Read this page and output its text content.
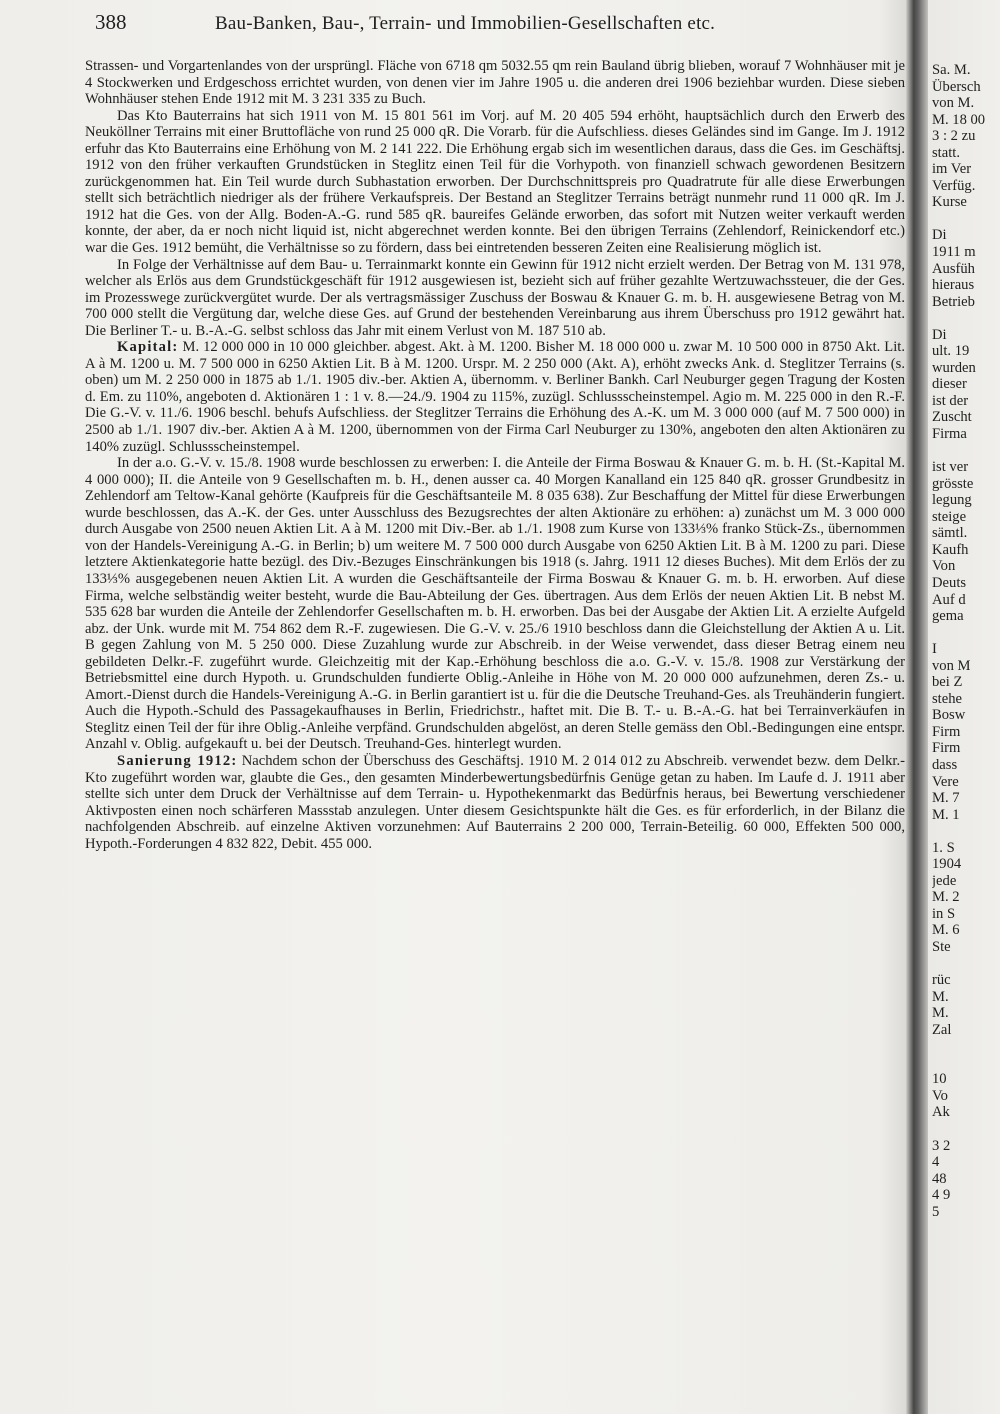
388	Bau-Banken, Bau-, Terrain- und Immobilien-Gesellschaften etc.

Strassen- und Vorgartenlandes von der ursprüngl. Fläche von 6718 qm 5032.55 qm rein Bauland übrig blieben, worauf 7 Wohnhäuser mit je 4 Stockwerken und Erdgeschoss errichtet wurden, von denen vier im Jahre 1905 u. die anderen drei 1906 beziehbar wurden. Diese sieben Wohnhäuser stehen Ende 1912 mit M. 3 231 335 zu Buch.

Das Kto Bauterrains hat sich 1911 von M. 15 801 561 im Vorj. auf M. 20 405 594 erhöht, hauptsächlich durch den Erwerb des Neuköllner Terrains mit einer Bruttofläche von rund 25 000 qR. Die Vorarb. für die Aufschliess. dieses Geländes sind im Gange. Im J. 1912 erfuhr das Kto Bauterrains eine Erhöhung von M. 2 141 222. Die Erhöhung ergab sich im wesentlichen daraus, dass die Ges. im Geschäftsj. 1912 von den früher verkauften Grundstücken in Steglitz einen Teil für die Vorhypoth. von finanziell schwach gewordenen Besitzern zurückgenommen hat. Ein Teil wurde durch Subhastation erworben. Der Durchschnittspreis pro Quadratrute für alle diese Erwerbungen stellt sich beträchtlich niedriger als der frühere Verkaufspreis. Der Bestand an Steglitzer Terrains beträgt nunmehr rund 11 000 qR. Im J. 1912 hat die Ges. von der Allg. Boden-A.-G. rund 585 qR. baureifes Gelände erworben, das sofort mit Nutzen weiter verkauft werden konnte, der aber, da er noch nicht liquid ist, nicht abgerechnet werden konnte. Bei den übrigen Terrains (Zehlendorf, Reinickendorf etc.) war die Ges. 1912 bemüht, die Verhältnisse so zu fördern, dass bei eintretenden besseren Zeiten eine Realisierung möglich ist.

In Folge der Verhältnisse auf dem Bau- u. Terrainmarkt konnte ein Gewinn für 1912 nicht erzielt werden. Der Betrag von M. 131 978, welcher als Erlös aus dem Grundstückgeschäft für 1912 ausgewiesen ist, bezieht sich auf früher gezahlte Wertzuwachssteuer, die der Ges. im Prozesswege zurückvergütet wurde. Der als vertragsmässiger Zuschuss der Boswau & Knauer G. m. b. H. ausgewiesene Betrag von M. 700 000 stellt die Vergütung dar, welche diese Ges. auf Grund der bestehenden Vereinbarung aus ihrem Überschuss pro 1912 gewährt hat. Die Berliner T.- u. B.-A.-G. selbst schloss das Jahr mit einem Verlust von M. 187 510 ab.

Kapital: M. 12 000 000 in 10 000 gleichber. abgest. Akt. à M. 1200. Bisher M. 18 000 000 u. zwar M. 10 500 000 in 8750 Akt. Lit. A à M. 1200 u. M. 7 500 000 in 6250 Aktien Lit. B à M. 1200. Urspr. M. 2 250 000 (Akt. A), erhöht zwecks Ank. d. Steglitzer Terrains (s. oben) um M. 2 250 000 in 1875 ab 1./1. 1905 div.-ber. Aktien A, übernomm. v. Berliner Bankh. Carl Neuburger gegen Tragung der Kosten d. Em. zu 110%, angeboten d. Aktionären 1 : 1 v. 8.—24./9. 1904 zu 115%, zuzügl. Schlussscheinstempel. Agio m. M. 225 000 in den R.-F. Die G.-V. v. 11./6. 1906 beschl. behufs Aufschliess. der Steglitzer Terrains die Erhöhung des A.-K. um M. 3 000 000 (auf M. 7 500 000) in 2500 ab 1./1. 1907 div.-ber. Aktien A à M. 1200, übernommen von der Firma Carl Neuburger zu 130%, angeboten den alten Aktionären zu 140% zuzügl. Schlussscheinstempel.

In der a.o. G.-V. v. 15./8. 1908 wurde beschlossen zu erwerben: I. die Anteile der Firma Boswau & Knauer G. m. b. H. (St.-Kapital M. 4 000 000); II. die Anteile von 9 Gesellschaften m. b. H., denen ausser ca. 40 Morgen Kanalland ein 125 840 qR. grosser Grundbesitz in Zehlendorf am Teltow-Kanal gehörte (Kaufpreis für die Geschäftsanteile M. 8 035 638). Zur Beschaffung der Mittel für diese Erwerbungen wurde beschlossen, das A.-K. der Ges. unter Ausschluss des Bezugsrechtes der alten Aktionäre zu erhöhen: a) zunächst um M. 3 000 000 durch Ausgabe von 2500 neuen Aktien Lit. A à M. 1200 mit Div.-Ber. ab 1./1. 1908 zum Kurse von 133⅓% franko Stück-Zs., übernommen von der Handels-Vereinigung A.-G. in Berlin; b) um weitere M. 7 500 000 durch Ausgabe von 6250 Aktien Lit. B à M. 1200 zu pari. Diese letztere Aktienkategorie hatte bezügl. des Div.-Bezuges Einschränkungen bis 1918 (s. Jahrg. 1911 12 dieses Buches). Mit dem Erlös der zu 133⅓% ausgegebenen neuen Aktien Lit. A wurden die Geschäftsanteile der Firma Boswau & Knauer G. m. b. H. erworben. Auf diese Firma, welche selbständig weiter besteht, wurde die Bau-Abteilung der Ges. übertragen. Aus dem Erlös der neuen Aktien Lit. B nebst M. 535 628 bar wurden die Anteile der Zehlendorfer Gesellschaften m. b. H. erworben. Das bei der Ausgabe der Aktien Lit. A erzielte Aufgeld abz. der Unk. wurde mit M. 754 862 dem R.-F. zugewiesen. Die G.-V. v. 25./6 1910 beschloss dann die Gleichstellung der Aktien A u. Lit. B gegen Zahlung von M. 5 250 000. Diese Zuzahlung wurde zur Abschreib. in der Weise verwendet, dass dieser Betrag einem neu gebildeten Delkr.-F. zugeführt wurde. Gleichzeitig mit der Kap.-Erhöhung beschloss die a.o. G.-V. v. 15./8. 1908 zur Verstärkung der Betriebsmittel eine durch Hypoth. u. Grundschulden fundierte Oblig.-Anleihe in Höhe von M. 20 000 000 aufzunehmen, deren Zs.- u. Amort.-Dienst durch die Handels-Vereinigung A.-G. in Berlin garantiert ist u. für die die Deutsche Treuhand-Ges. als Treuhänderin fungiert. Auch die Hypoth.-Schuld des Passagekaufhauses in Berlin, Friedrichstr., haftet mit. Die B. T.- u. B.-A.-G. hat bei Terrainverkäufen in Steglitz einen Teil der für ihre Oblig.-Anleihe verpfänd. Grundschulden abgelöst, an deren Stelle gemäss den Obl.-Bedingungen eine entspr. Anzahl v. Oblig. aufgekauft u. bei der Deutsch. Treuhand-Ges. hinterlegt wurden.

Sanierung 1912: Nachdem schon der Überschuss des Geschäftsj. 1910 M. 2 014 012 zu Abschreib. verwendet bezw. dem Delkr.-Kto zugeführt worden war, glaubte die Ges., den gesamten Minderbewertungsbedürfnis Genüge getan zu haben. Im Laufe d. J. 1911 aber stellte sich unter dem Druck der Verhältnisse auf dem Terrain- u. Hypothekenmarkt das Bedürfnis heraus, bei Bewertung verschiedener Aktivposten einen noch schärferen Massstab anzulegen. Unter diesem Gesichtspunkte hält die Ges. es für erforderlich, in der Bilanz die nachfolgenden Abschreib. auf einzelne Aktiven vorzunehmen: Auf Bauterrains 2 200 000, Terrain-Beteilig. 60 000, Effekten 500 000, Hypoth.-Forderungen 4 832 822, Debit. 455 000.

Sa. M.
Übersch
von M.
M. 18 00
3 : 2 zu
statt.
im Ver
Verfüg.
Kurse
Di
1911 m
Ausfüh
hieraus
Betrieb
Di
ult. 19
wurden
dieser
ist der
Zuscht
Firma
ist ver
grösste
legung
steige
sämtl.
Kaufh
Von
Deuts
Auf d
gema
I
von M
bei Z
stehe
Bosw
Firm
Firm
dass
Vere
M. 7
M. 1
1. S
1904
jede
M. 2
in S
M. 6
Ste
rüc
M.
M.
Zal
10
Vo
Ak
3 2
4
48
4 9
5
